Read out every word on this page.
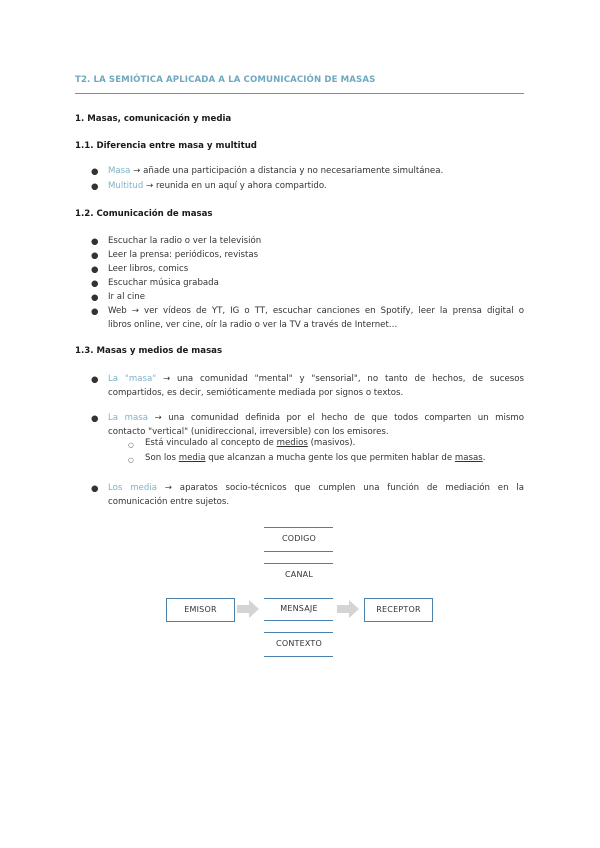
T2. LA SEMIÓTICA APLICADA A LA COMUNICACIÓN DE MASAS
1. Masas, comunicación y media
1.1. Diferencia entre masa y multitud
● Masa → añade una participación a distancia y no necesariamente simultánea.
● Multitud → reunida en un aquí y ahora compartido.
1.2. Comunicación de masas
● Escuchar la radio o ver la televisión
● Leer la prensa: periódicos, revistas
● Leer libros, comics
● Escuchar música grabada
● Ir al cine
● Web → ver vídeos de YT, IG o TT, escuchar canciones en Spotify, leer la prensa digital o
libros online, ver cine, oír la radio o ver la TV a través de Internet…
1.3. Masas y medios de masas
● La "masa" → una comunidad "mental" y "sensorial", no tanto de hechos, de sucesos
compartidos, es decir, semióticamente mediada por signos o textos.
● La masa → una comunidad definida por el hecho de que todos comparten un mismo
contacto "vertical" (unidireccional, irreversible) con los emisores.
○ Está vinculado al concepto de medios (masivos).
○ Son los media que alcanzan a mucha gente los que permiten hablar de masas.
● Los media → aparatos socio-técnicos que cumplen una función de mediación en la
comunicación entre sujetos.
CODIGO
CANAL
EMISOR	MENSAJE	RECEPTOR
CONTEXTO
